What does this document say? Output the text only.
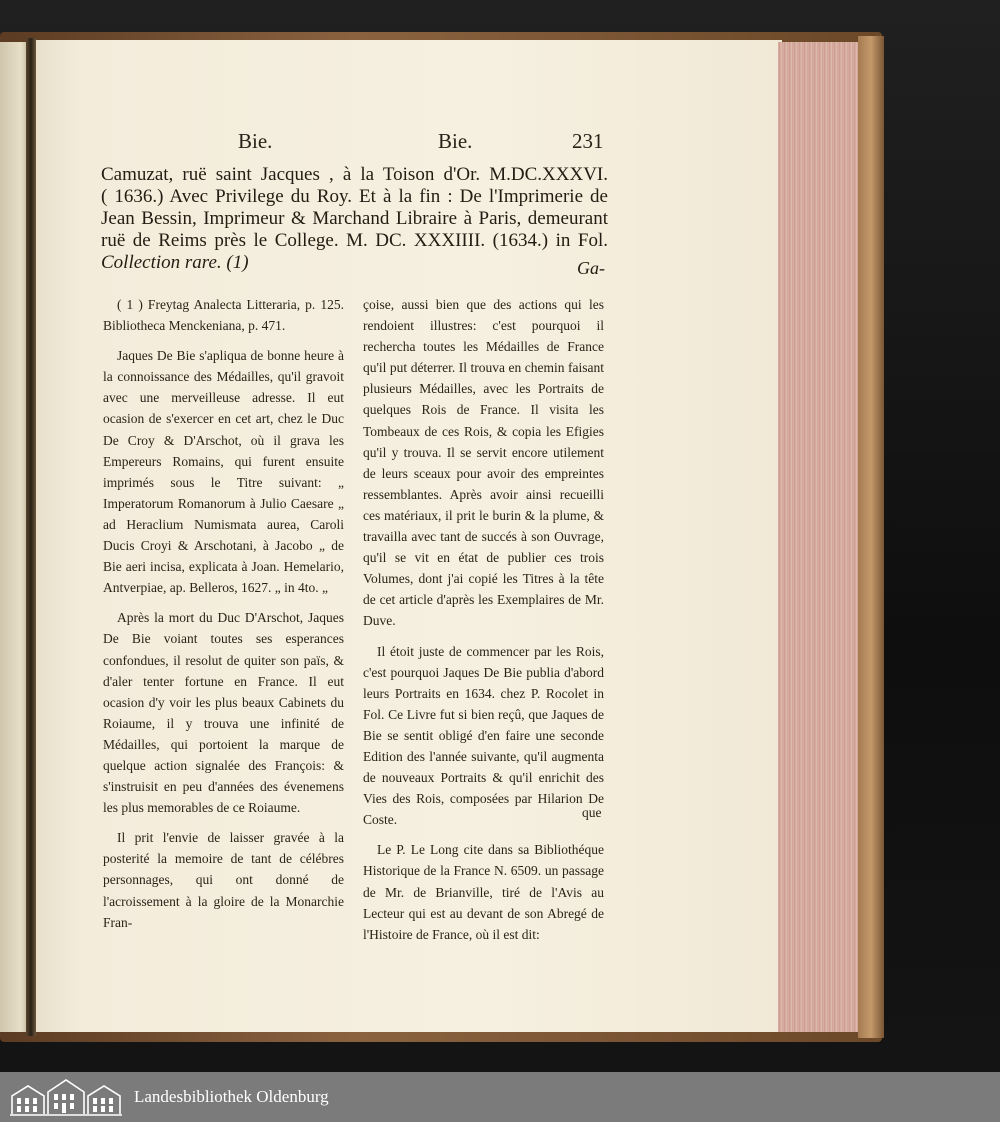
Bie.	Bie.	231
Camuzat, ruë saint Jacques , à la Toison d'Or. M.DC.XXXVI.
( 1636.) Avec Privilege du Roy. Et à la fin : De l'Imprimerie de
Jean Bessin, Imprimeur & Marchand Libraire à Paris, demeurant
ruë de Reims près le College. M. DC. XXXIIII. (1634.) in Fol.
Collection rare. (1)	Ga-

( 1 ) Freytag Analecta Litteraria, p. 125. Bibliotheca Menckeniana, p. 471.

Jaques De Bie s'apliqua de bonne heure à la connoissance des Médailles, qu'il gravoit avec une merveilleuse adresse. Il eut ocasion de s'exercer en cet art, chez le Duc De Croy & D'Arschot, où il grava les Empereurs Romains, qui furent ensuite imprimés sous le Titre suivant: „ Imperatorum Romanorum à Julio Caesare „ ad Heraclium Numismata aurea, Caroli Ducis Croyi & Arschotani, à Jacobo „ de Bie aeri incisa, explicata à Joan. Hemelario, Antverpiae, ap. Belleros, 1627. „ in 4to. „

Après la mort du Duc D'Arschot, Jaques De Bie voiant toutes ses esperances confondues, il resolut de quiter son païs, & d'aler tenter fortune en France. Il eut ocasion d'y voir les plus beaux Cabinets du Roiaume, il y trouva une infinité de Médailles, qui portoient la marque de quelque action signalée des François: & s'instruisit en peu d'années des évenemens les plus memorables de ce Roiaume.

Il prit l'envie de laisser gravée à la posterité la memoire de tant de célébres personnages, qui ont donné de l'acroissement à la gloire de la Monarchie Fran-

çoise, aussi bien que des actions qui les rendoient illustres: c'est pourquoi il rechercha toutes les Médailles de France qu'il put déterrer. Il trouva en chemin faisant plusieurs Médailles, avec les Portraits de quelques Rois de France. Il visita les Tombeaux de ces Rois, & copia les Efigies qu'il y trouva. Il se servit encore utilement de leurs sceaux pour avoir des empreintes ressemblantes. Après avoir ainsi recueilli ces matériaux, il prit le burin & la plume, & travailla avec tant de succés à son Ouvrage, qu'il se vit en état de publier ces trois Volumes, dont j'ai copié les Titres à la tête de cet article d'après les Exemplaires de Mr. Duve.

Il étoit juste de commencer par les Rois, c'est pourquoi Jaques De Bie publia d'abord leurs Portraits en 1634. chez P. Rocolet in Fol. Ce Livre fut si bien reçû, que Jaques de Bie se sentit obligé d'en faire une seconde Edition des l'année suivante, qu'il augmenta de nouveaux Portraits & qu'il enrichit des Vies des Rois, composées par Hilarion De Coste.

Le P. Le Long cite dans sa Bibliothéque Historique de la France N. 6509. un passage de Mr. de Brianville, tiré de l'Avis au Lecteur qui est au devant de son Abregé de l'Histoire de France, où il est dit:

que
Landesbibliothek Oldenburg
